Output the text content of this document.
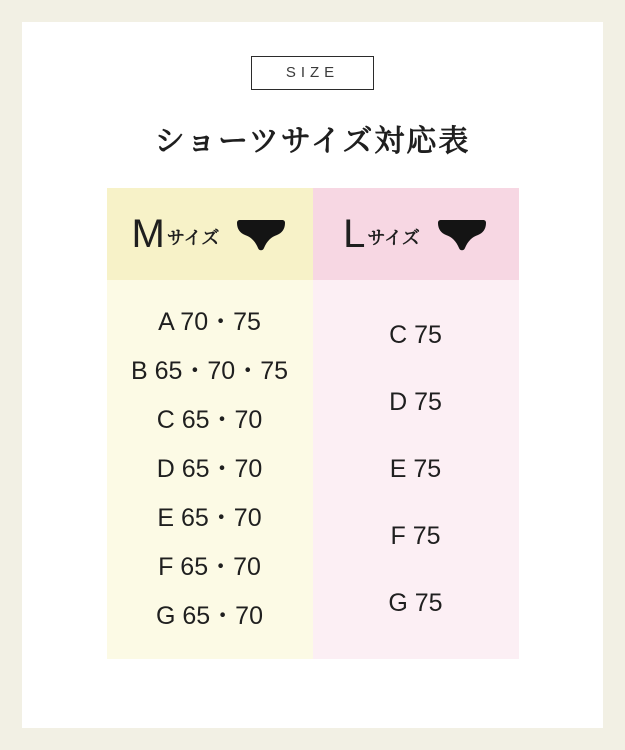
SIZE
ショーツサイズ対応表
M サイズ
A 70・75
B 65・70・75
C 65・70
D 65・70
E 65・70
F 65・70
G 65・70
L サイズ
C 75
D 75
E 75
F 75
G 75
